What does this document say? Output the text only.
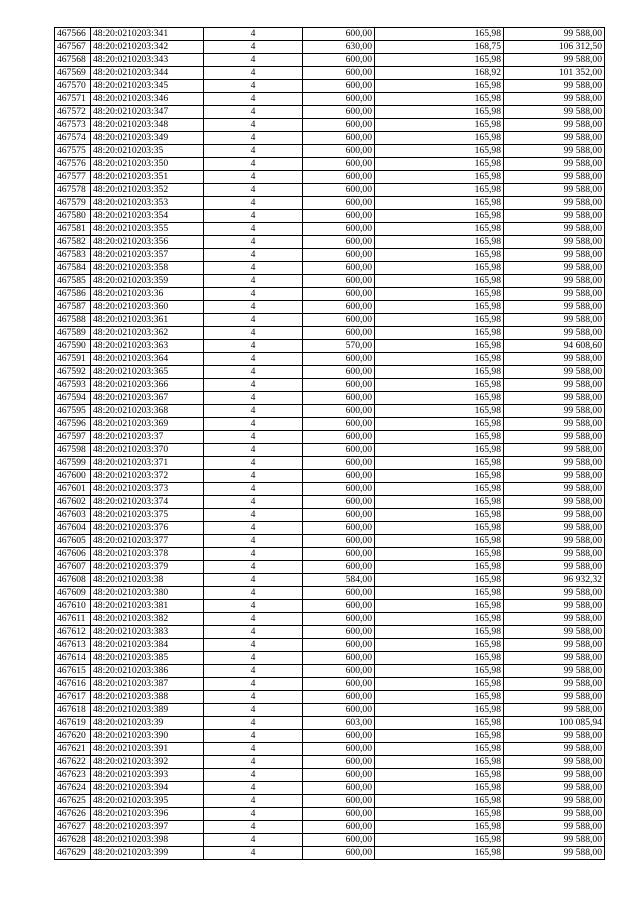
467566	48:20:0210203:341	4	600,00	165,98	99 588,00
467567	48:20:0210203:342	4	630,00	168,75	106 312,50
467568	48:20:0210203:343	4	600,00	165,98	99 588,00
467569	48:20:0210203:344	4	600,00	168,92	101 352,00
467570	48:20:0210203:345	4	600,00	165,98	99 588,00
467571	48:20:0210203:346	4	600,00	165,98	99 588,00
467572	48:20:0210203:347	4	600,00	165,98	99 588,00
467573	48:20:0210203:348	4	600,00	165,98	99 588,00
467574	48:20:0210203:349	4	600,00	165,98	99 588,00
467575	48:20:0210203:35	4	600,00	165,98	99 588,00
467576	48:20:0210203:350	4	600,00	165,98	99 588,00
467577	48:20:0210203:351	4	600,00	165,98	99 588,00
467578	48:20:0210203:352	4	600,00	165,98	99 588,00
467579	48:20:0210203:353	4	600,00	165,98	99 588,00
467580	48:20:0210203:354	4	600,00	165,98	99 588,00
467581	48:20:0210203:355	4	600,00	165,98	99 588,00
467582	48:20:0210203:356	4	600,00	165,98	99 588,00
467583	48:20:0210203:357	4	600,00	165,98	99 588,00
467584	48:20:0210203:358	4	600,00	165,98	99 588,00
467585	48:20:0210203:359	4	600,00	165,98	99 588,00
467586	48:20:0210203:36	4	600,00	165,98	99 588,00
467587	48:20:0210203:360	4	600,00	165,98	99 588,00
467588	48:20:0210203:361	4	600,00	165,98	99 588,00
467589	48:20:0210203:362	4	600,00	165,98	99 588,00
467590	48:20:0210203:363	4	570,00	165,98	94 608,60
467591	48:20:0210203:364	4	600,00	165,98	99 588,00
467592	48:20:0210203:365	4	600,00	165,98	99 588,00
467593	48:20:0210203:366	4	600,00	165,98	99 588,00
467594	48:20:0210203:367	4	600,00	165,98	99 588,00
467595	48:20:0210203:368	4	600,00	165,98	99 588,00
467596	48:20:0210203:369	4	600,00	165,98	99 588,00
467597	48:20:0210203:37	4	600,00	165,98	99 588,00
467598	48:20:0210203:370	4	600,00	165,98	99 588,00
467599	48:20:0210203:371	4	600,00	165,98	99 588,00
467600	48:20:0210203:372	4	600,00	165,98	99 588,00
467601	48:20:0210203:373	4	600,00	165,98	99 588,00
467602	48:20:0210203:374	4	600,00	165,98	99 588,00
467603	48:20:0210203:375	4	600,00	165,98	99 588,00
467604	48:20:0210203:376	4	600,00	165,98	99 588,00
467605	48:20:0210203:377	4	600,00	165,98	99 588,00
467606	48:20:0210203:378	4	600,00	165,98	99 588,00
467607	48:20:0210203:379	4	600,00	165,98	99 588,00
467608	48:20:0210203:38	4	584,00	165,98	96 932,32
467609	48:20:0210203:380	4	600,00	165,98	99 588,00
467610	48:20:0210203:381	4	600,00	165,98	99 588,00
467611	48:20:0210203:382	4	600,00	165,98	99 588,00
467612	48:20:0210203:383	4	600,00	165,98	99 588,00
467613	48:20:0210203:384	4	600,00	165,98	99 588,00
467614	48:20:0210203:385	4	600,00	165,98	99 588,00
467615	48:20:0210203:386	4	600,00	165,98	99 588,00
467616	48:20:0210203:387	4	600,00	165,98	99 588,00
467617	48:20:0210203:388	4	600,00	165,98	99 588,00
467618	48:20:0210203:389	4	600,00	165,98	99 588,00
467619	48:20:0210203:39	4	603,00	165,98	100 085,94
467620	48:20:0210203:390	4	600,00	165,98	99 588,00
467621	48:20:0210203:391	4	600,00	165,98	99 588,00
467622	48:20:0210203:392	4	600,00	165,98	99 588,00
467623	48:20:0210203:393	4	600,00	165,98	99 588,00
467624	48:20:0210203:394	4	600,00	165,98	99 588,00
467625	48:20:0210203:395	4	600,00	165,98	99 588,00
467626	48:20:0210203:396	4	600,00	165,98	99 588,00
467627	48:20:0210203:397	4	600,00	165,98	99 588,00
467628	48:20:0210203:398	4	600,00	165,98	99 588,00
467629	48:20:0210203:399	4	600,00	165,98	99 588,00
